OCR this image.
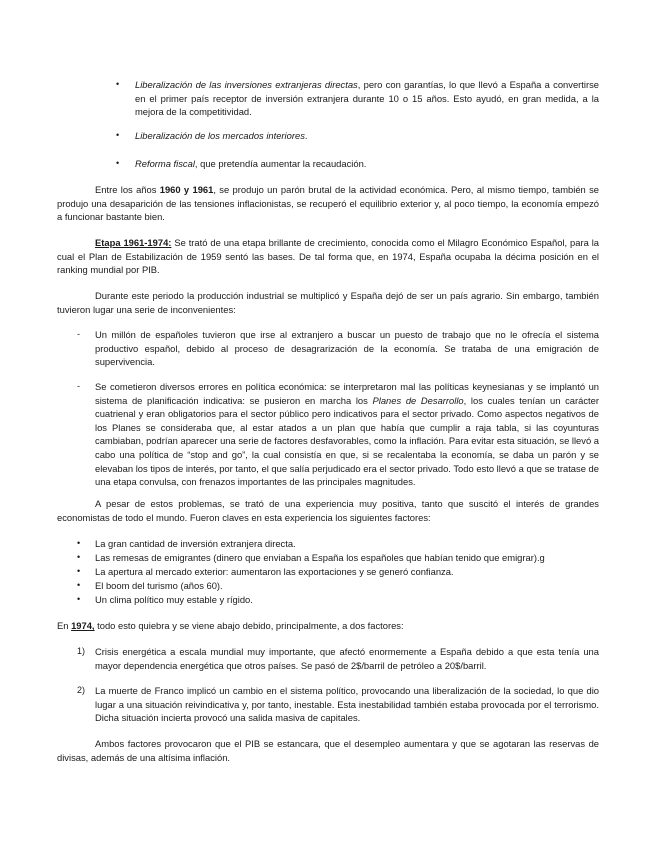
• Liberalización de las inversiones extranjeras directas, pero con garantías, lo que llevó a España a convertirse en el primer país receptor de inversión extranjera durante 10 o 15 años. Esto ayudó, en gran medida, a la mejora de la competitividad.

• Liberalización de los mercados interiores.

• Reforma fiscal, que pretendía aumentar la recaudación.

Entre los años 1960 y 1961, se produjo un parón brutal de la actividad económica. Pero, al mismo tiempo, también se produjo una desaparición de las tensiones inflacionistas, se recuperó el equilibrio exterior y, al poco tiempo, la economía empezó a funcionar bastante bien.

Etapa 1961-1974: Se trató de una etapa brillante de crecimiento, conocida como el Milagro Económico Español, para la cual el Plan de Estabilización de 1959 sentó las bases. De tal forma que, en 1974, España ocupaba la décima posición en el ranking mundial por PIB.

Durante este periodo la producción industrial se multiplicó y España dejó de ser un país agrario. Sin embargo, también tuvieron lugar una serie de inconvenientes:

- Un millón de españoles tuvieron que irse al extranjero a buscar un puesto de trabajo que no le ofrecía el sistema productivo español, debido al proceso de desagrarización de la economía. Se trataba de una emigración de supervivencia.

- Se cometieron diversos errores en política económica: se interpretaron mal las políticas keynesianas y se implantó un sistema de planificación indicativa: se pusieron en marcha los Planes de Desarrollo, los cuales tenían un carácter cuatrienal y eran obligatorios para el sector público pero indicativos para el sector privado. Como aspectos negativos de los Planes se consideraba que, al estar atados a un plan que había que cumplir a raja tabla, si las coyunturas cambiaban, podrían aparecer una serie de factores desfavorables, como la inflación. Para evitar esta situación, se llevó a cabo una política de “stop and go”, la cual consistía en que, si se recalentaba la economía, se daba un parón y se elevaban los tipos de interés, por tanto, el que salía perjudicado era el sector privado. Todo esto llevó a que se tratase de una etapa convulsa, con frenazos importantes de las principales magnitudes.

A pesar de estos problemas, se trató de una experiencia muy positiva, tanto que suscitó el interés de grandes economistas de todo el mundo. Fueron claves en esta experiencia los siguientes factores:

• La gran cantidad de inversión extranjera directa.

• Las remesas de emigrantes (dinero que enviaban a España los españoles que habían tenido que emigrar).g

• La apertura al mercado exterior: aumentaron las exportaciones y se generó confianza.

• El boom del turismo (años 60).

• Un clima político muy estable y rígido.

En 1974, todo esto quiebra y se viene abajo debido, principalmente, a dos factores:

1) Crisis energética a escala mundial muy importante, que afectó enormemente a España debido a que esta tenía una mayor dependencia energética que otros países. Se pasó de 2$/barril de petróleo a 20$/barril.

2) La muerte de Franco implicó un cambio en el sistema político, provocando una liberalización de la sociedad, lo que dio lugar a una situación reivindicativa y, por tanto, inestable. Esta inestabilidad también estaba provocada por el terrorismo. Dicha situación incierta provocó una salida masiva de capitales.

Ambos factores provocaron que el PIB se estancara, que el desempleo aumentara y que se agotaran las reservas de divisas, además de una altísima inflación.
